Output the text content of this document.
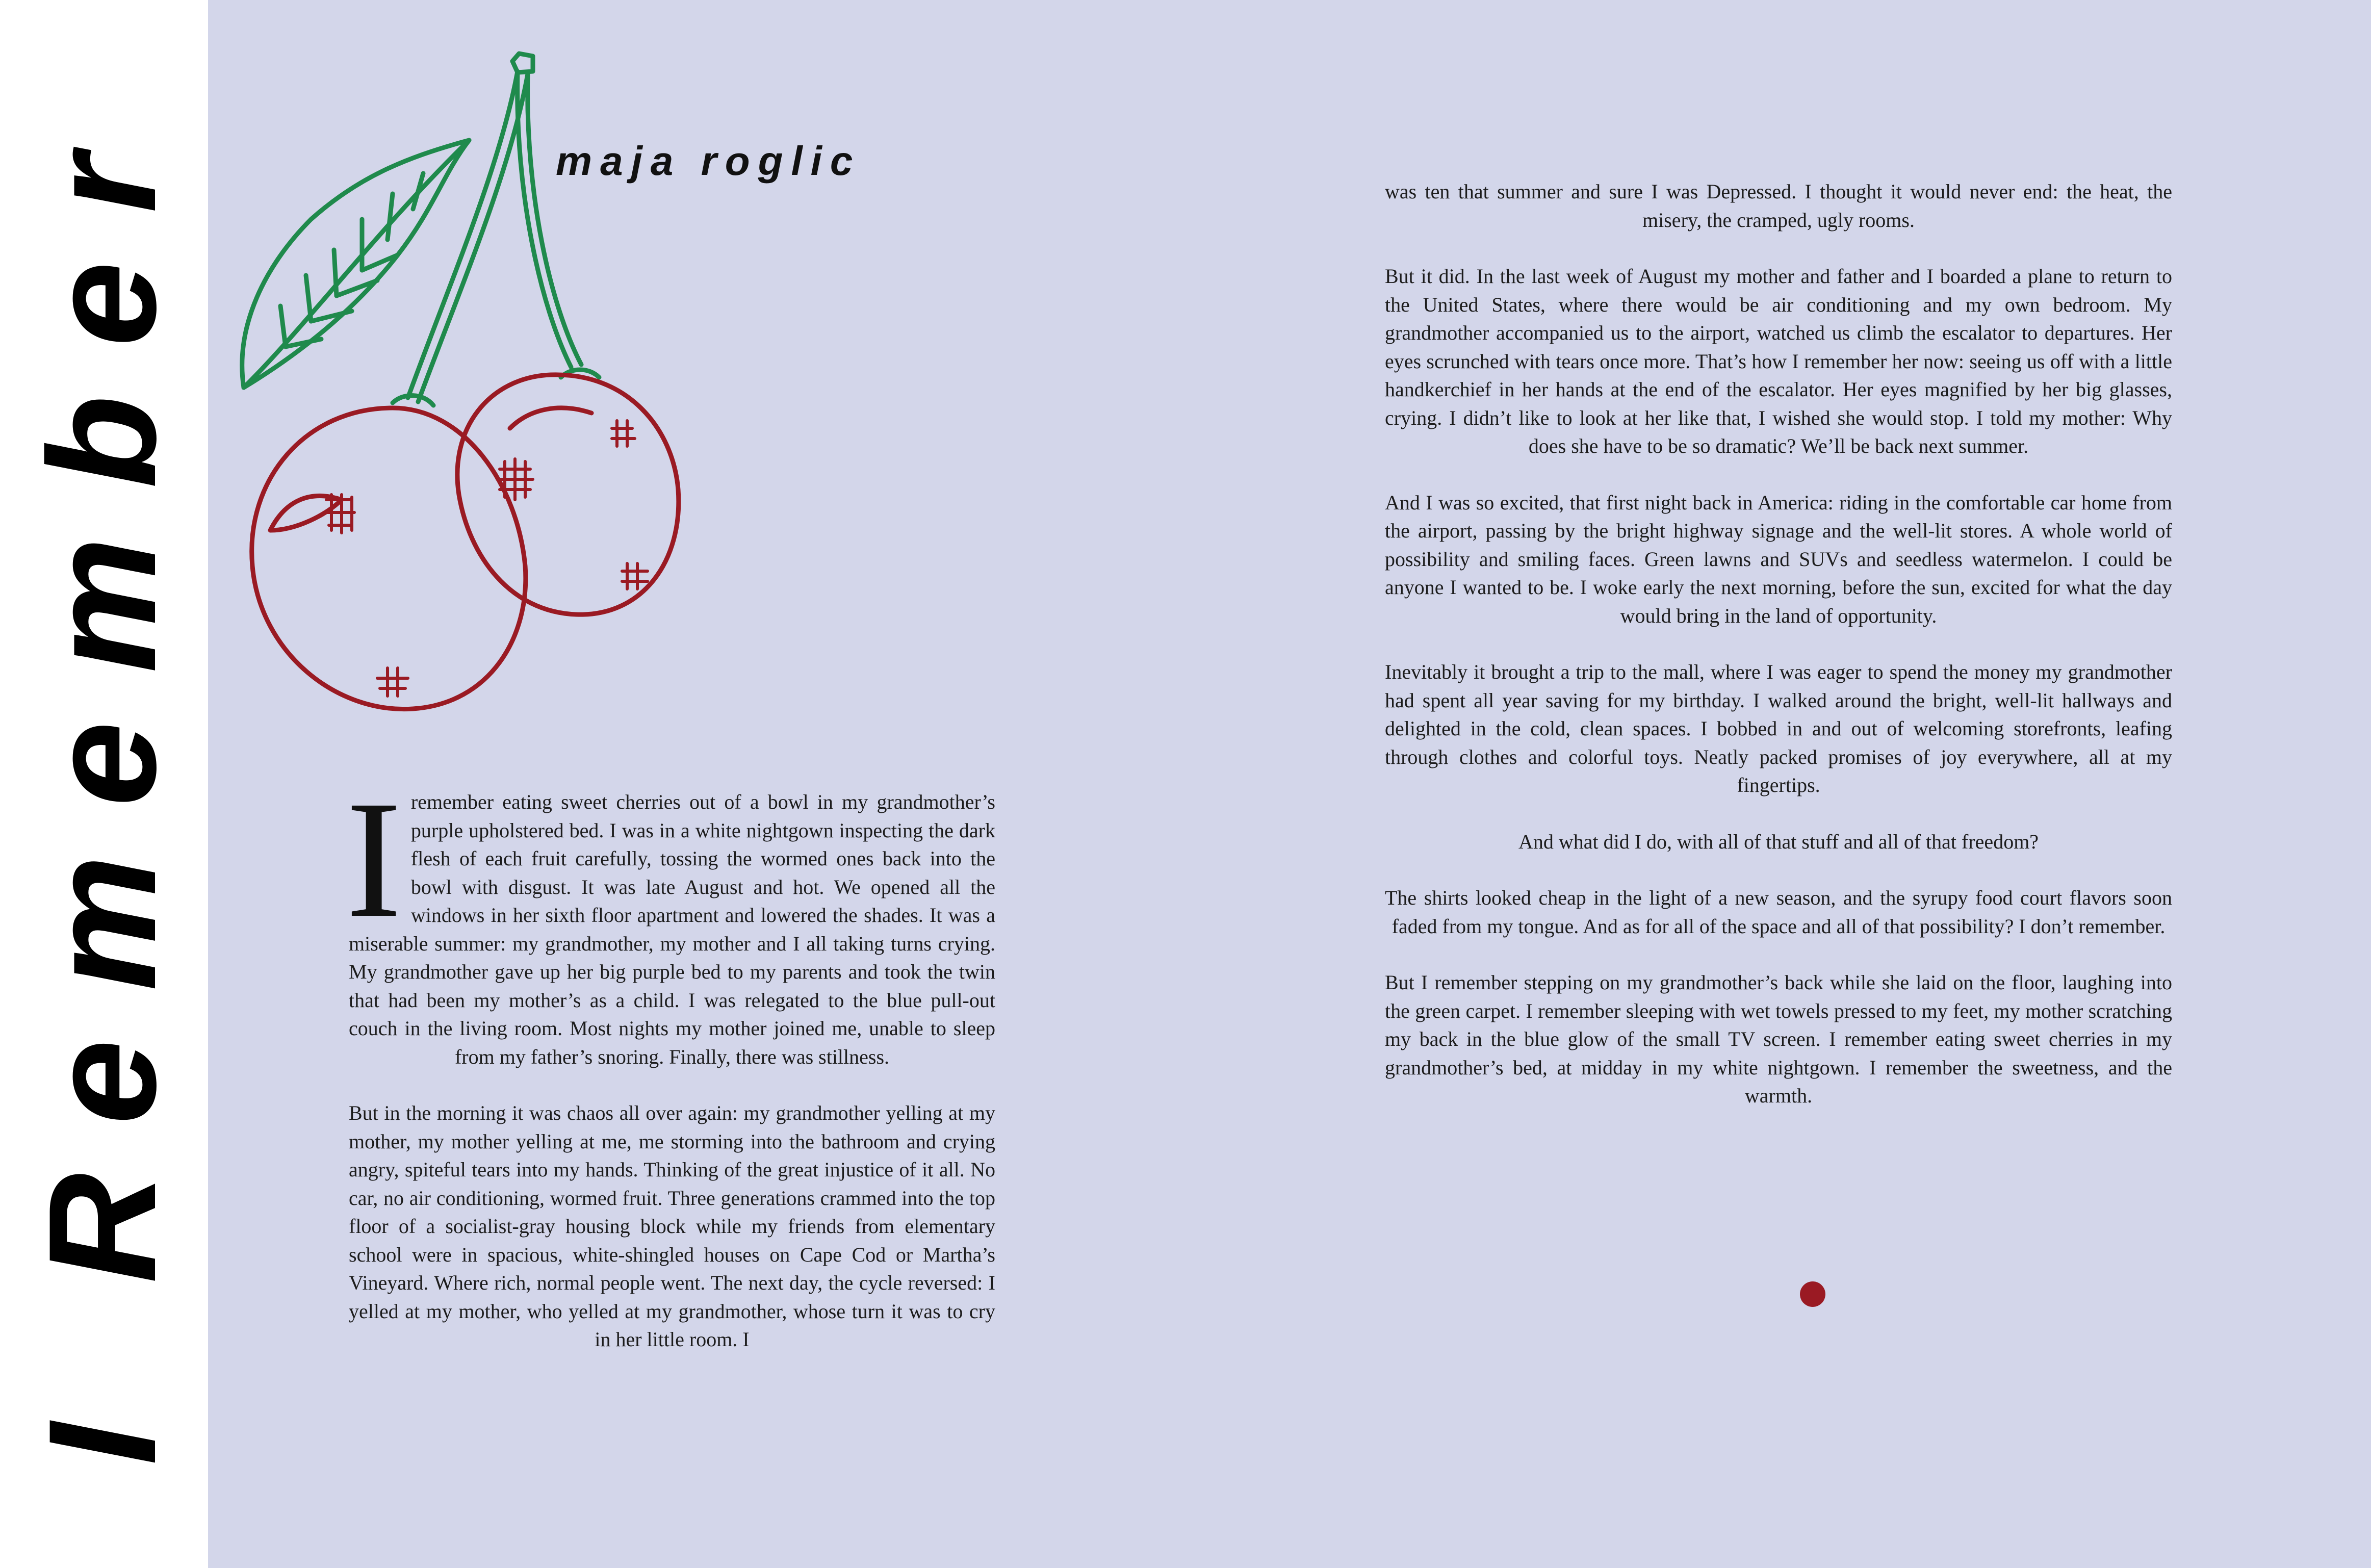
I Remember	maja roglic

I remember eating sweet cherries out of a bowl in my grandmother’s purple upholstered bed. I was in a white nightgown inspecting the dark flesh of each fruit carefully, tossing the wormed ones back into the bowl with disgust. It was late August and hot. We opened all the windows in her sixth floor apartment and lowered the shades. It was a miserable summer: my grandmother, my mother and I all taking turns crying. My grandmother gave up her big purple bed to my parents and took the twin that had been my mother’s as a child. I was relegated to the blue pull-out couch in the living room. Most nights my mother joined me, unable to sleep from my father’s snoring. Finally, there was stillness.

But in the morning it was chaos all over again: my grandmother yelling at my mother, my mother yelling at me, me storming into the bathroom and crying angry, spiteful tears into my hands. Thinking of the great injustice of it all. No car, no air conditioning, wormed fruit. Three generations crammed into the top floor of a socialist-gray housing block while my friends from elementary school were in spacious, white-shingled houses on Cape Cod or Martha’s Vineyard. Where rich, normal people went. The next day, the cycle reversed: I yelled at my mother, who yelled at my grandmother, whose turn it was to cry in her little room. I

was ten that summer and sure I was Depressed. I thought it would never end: the heat, the misery, the cramped, ugly rooms.

But it did. In the last week of August my mother and father and I boarded a plane to return to the United States, where there would be air conditioning and my own bedroom. My grandmother accompanied us to the airport, watched us climb the escalator to departures. Her eyes scrunched with tears once more. That’s how I remember her now: seeing us off with a little handkerchief in her hands at the end of the escalator. Her eyes magnified by her big glasses, crying. I didn’t like to look at her like that, I wished she would stop. I told my mother: Why does she have to be so dramatic? We’ll be back next summer.

And I was so excited, that first night back in America: riding in the comfortable car home from the airport, passing by the bright highway signage and the well-lit stores. A whole world of possibility and smiling faces. Green lawns and SUVs and seedless watermelon. I could be anyone I wanted to be. I woke early the next morning, before the sun, excited for what the day would bring in the land of opportunity.

Inevitably it brought a trip to the mall, where I was eager to spend the money my grandmother had spent all year saving for my birthday. I walked around the bright, well-lit hallways and delighted in the cold, clean spaces. I bobbed in and out of welcoming storefronts, leafing through clothes and colorful toys. Neatly packed promises of joy everywhere, all at my fingertips.

And what did I do, with all of that stuff and all of that freedom?

The shirts looked cheap in the light of a new season, and the syrupy food court flavors soon faded from my tongue. And as for all of the space and all of that possibility? I don’t remember.

But I remember stepping on my grandmother’s back while she laid on the floor, laughing into the green carpet. I remember sleeping with wet towels pressed to my feet, my mother scratching my back in the blue glow of the small TV screen. I remember eating sweet cherries in my grandmother’s bed, at midday in my white nightgown. I remember the sweetness, and the warmth.
